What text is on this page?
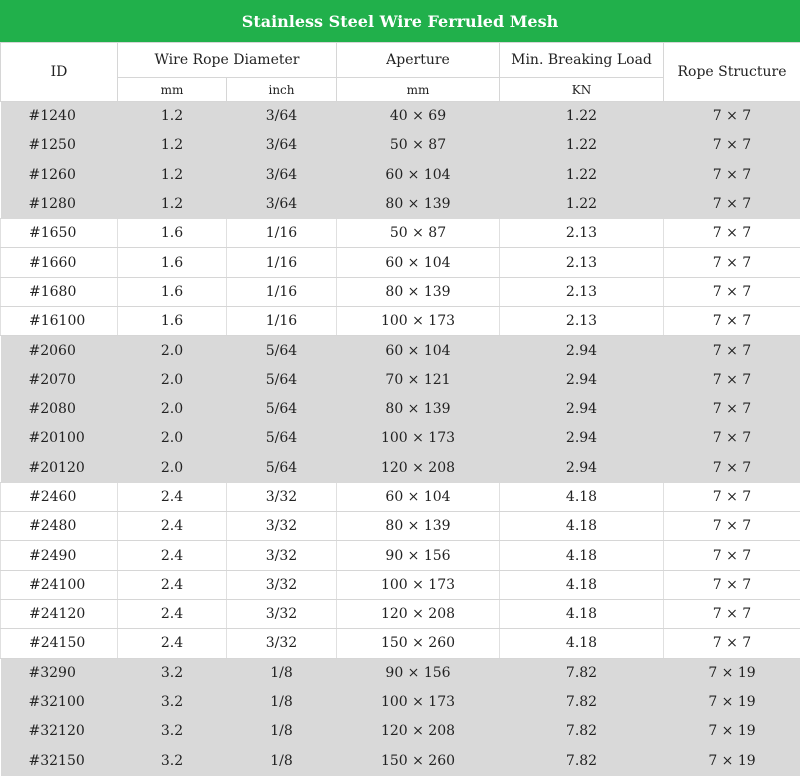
Stainless Steel Wire Ferruled Mesh
ID	Wire Rope Diameter		Aperture	Min. Breaking Load	Rope Structure
	mm	inch	mm	KN	
#1240	1.2	3/64	40 × 69	1.22	7 × 7
#1250	1.2	3/64	50 × 87	1.22	7 × 7
#1260	1.2	3/64	60 × 104	1.22	7 × 7
#1280	1.2	3/64	80 × 139	1.22	7 × 7
#1650	1.6	1/16	50 × 87	2.13	7 × 7
#1660	1.6	1/16	60 × 104	2.13	7 × 7
#1680	1.6	1/16	80 × 139	2.13	7 × 7
#16100	1.6	1/16	100 × 173	2.13	7 × 7
#2060	2.0	5/64	60 × 104	2.94	7 × 7
#2070	2.0	5/64	70 × 121	2.94	7 × 7
#2080	2.0	5/64	80 × 139	2.94	7 × 7
#20100	2.0	5/64	100 × 173	2.94	7 × 7
#20120	2.0	5/64	120 × 208	2.94	7 × 7
#2460	2.4	3/32	60 × 104	4.18	7 × 7
#2480	2.4	3/32	80 × 139	4.18	7 × 7
#2490	2.4	3/32	90 × 156	4.18	7 × 7
#24100	2.4	3/32	100 × 173	4.18	7 × 7
#24120	2.4	3/32	120 × 208	4.18	7 × 7
#24150	2.4	3/32	150 × 260	4.18	7 × 7
#3290	3.2	1/8	90 × 156	7.82	7 × 19
#32100	3.2	1/8	100 × 173	7.82	7 × 19
#32120	3.2	1/8	120 × 208	7.82	7 × 19
#32150	3.2	1/8	150 × 260	7.82	7 × 19
